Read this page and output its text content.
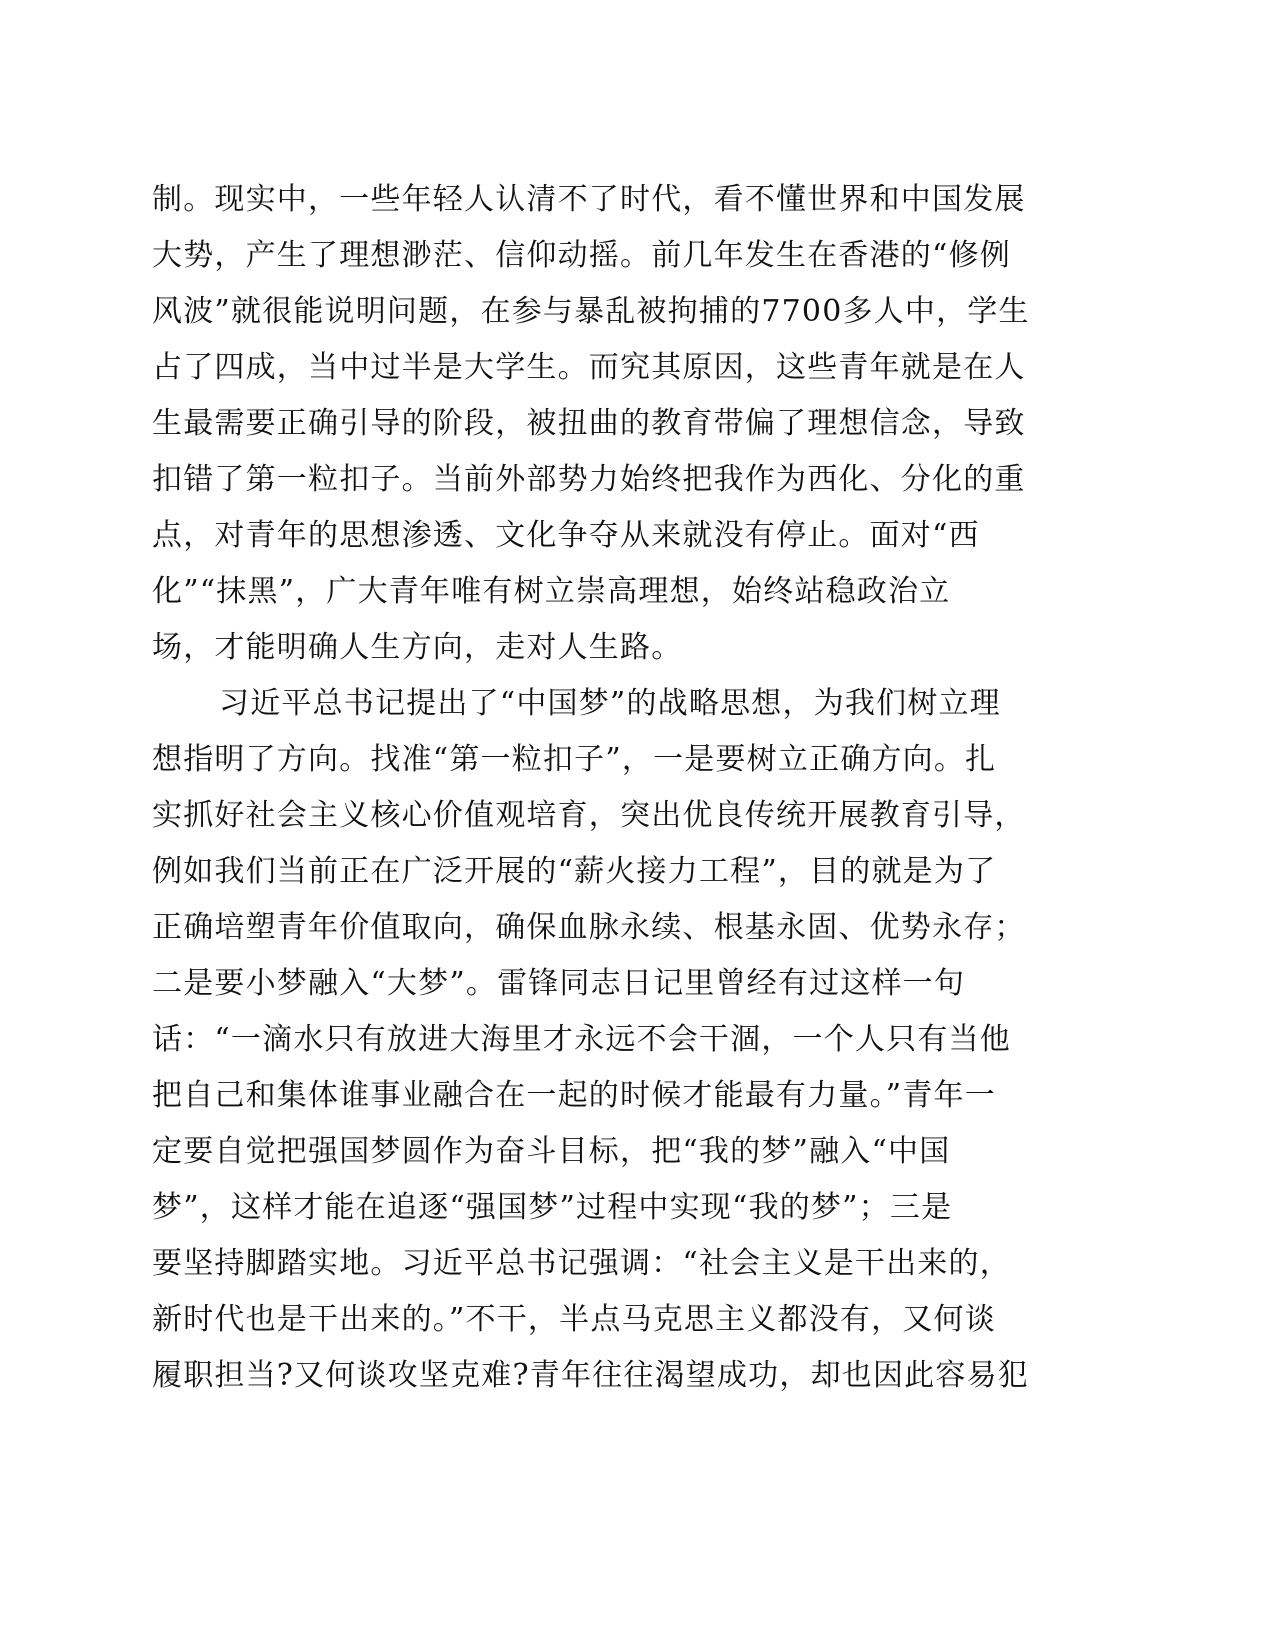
制。现实中，一些年轻人认清不了时代，看不懂世界和中国发展
大势，产生了理想渺茫、信仰动摇。前几年发生在香港的“修例
风波”就很能说明问题，在参与暴乱被拘捕的7700多人中，学生
占了四成，当中过半是大学生。而究其原因，这些青年就是在人
生最需要正确引导的阶段，被扭曲的教育带偏了理想信念，导致
扣错了第一粒扣子。当前外部势力始终把我作为西化、分化的重
点，对青年的思想渗透、文化争夺从来就没有停止。面对“西
化”“抹黑”，广大青年唯有树立崇高理想，始终站稳政治立
场，才能明确人生方向，走对人生路。
习近平总书记提出了“中国梦”的战略思想，为我们树立理
想指明了方向。找准“第一粒扣子”，一是要树立正确方向。扎
实抓好社会主义核心价值观培育，突出优良传统开展教育引导，
例如我们当前正在广泛开展的“薪火接力工程”，目的就是为了
正确培塑青年价值取向，确保血脉永续、根基永固、优势永存；
二是要小梦融入“大梦”。雷锋同志日记里曾经有过这样一句
话：“一滴水只有放进大海里才永远不会干涸，一个人只有当他
把自己和集体谁事业融合在一起的时候才能最有力量。”青年一
定要自觉把强国梦圆作为奋斗目标，把“我的梦”融入“中国
梦”，这样才能在追逐“强国梦”过程中实现“我的梦”；三是
要坚持脚踏实地。习近平总书记强调：“社会主义是干出来的，
新时代也是干出来的。”不干，半点马克思主义都没有，又何谈
履职担当?又何谈攻坚克难?青年往往渴望成功，却也因此容易犯
